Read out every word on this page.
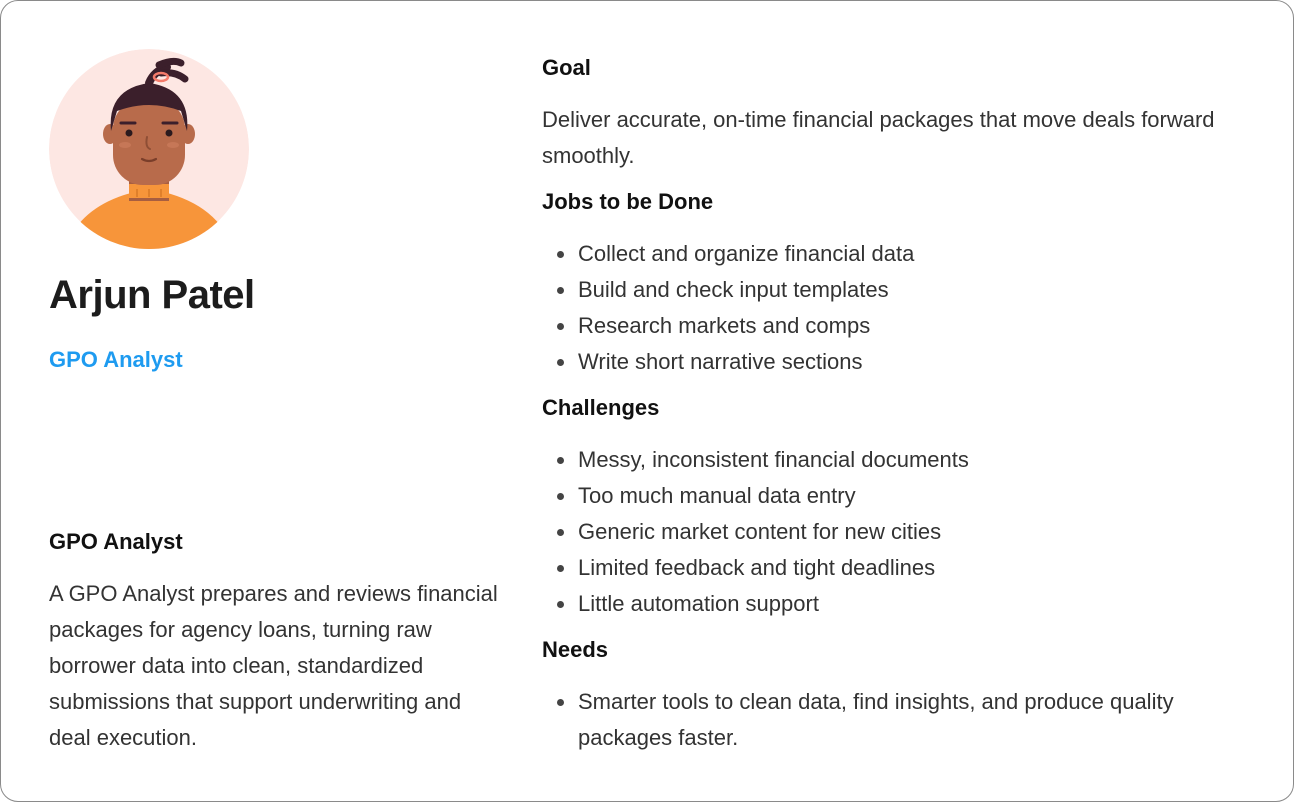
Arjun Patel
GPO Analyst
GPO Analyst

A GPO Analyst prepares and reviews financial packages for agency loans, turning raw borrower data into clean, standardized submissions that support underwriting and deal execution.

Goal

Deliver accurate, on-time financial packages that move deals forward smoothly.

Jobs to be Done
Collect and organize financial data
Build and check input templates
Research markets and comps
Write short narrative sections
Challenges
Messy, inconsistent financial documents
Too much manual data entry
Generic market content for new cities
Limited feedback and tight deadlines
Little automation support
Needs
Smarter tools to clean data, find insights, and produce quality packages faster.
